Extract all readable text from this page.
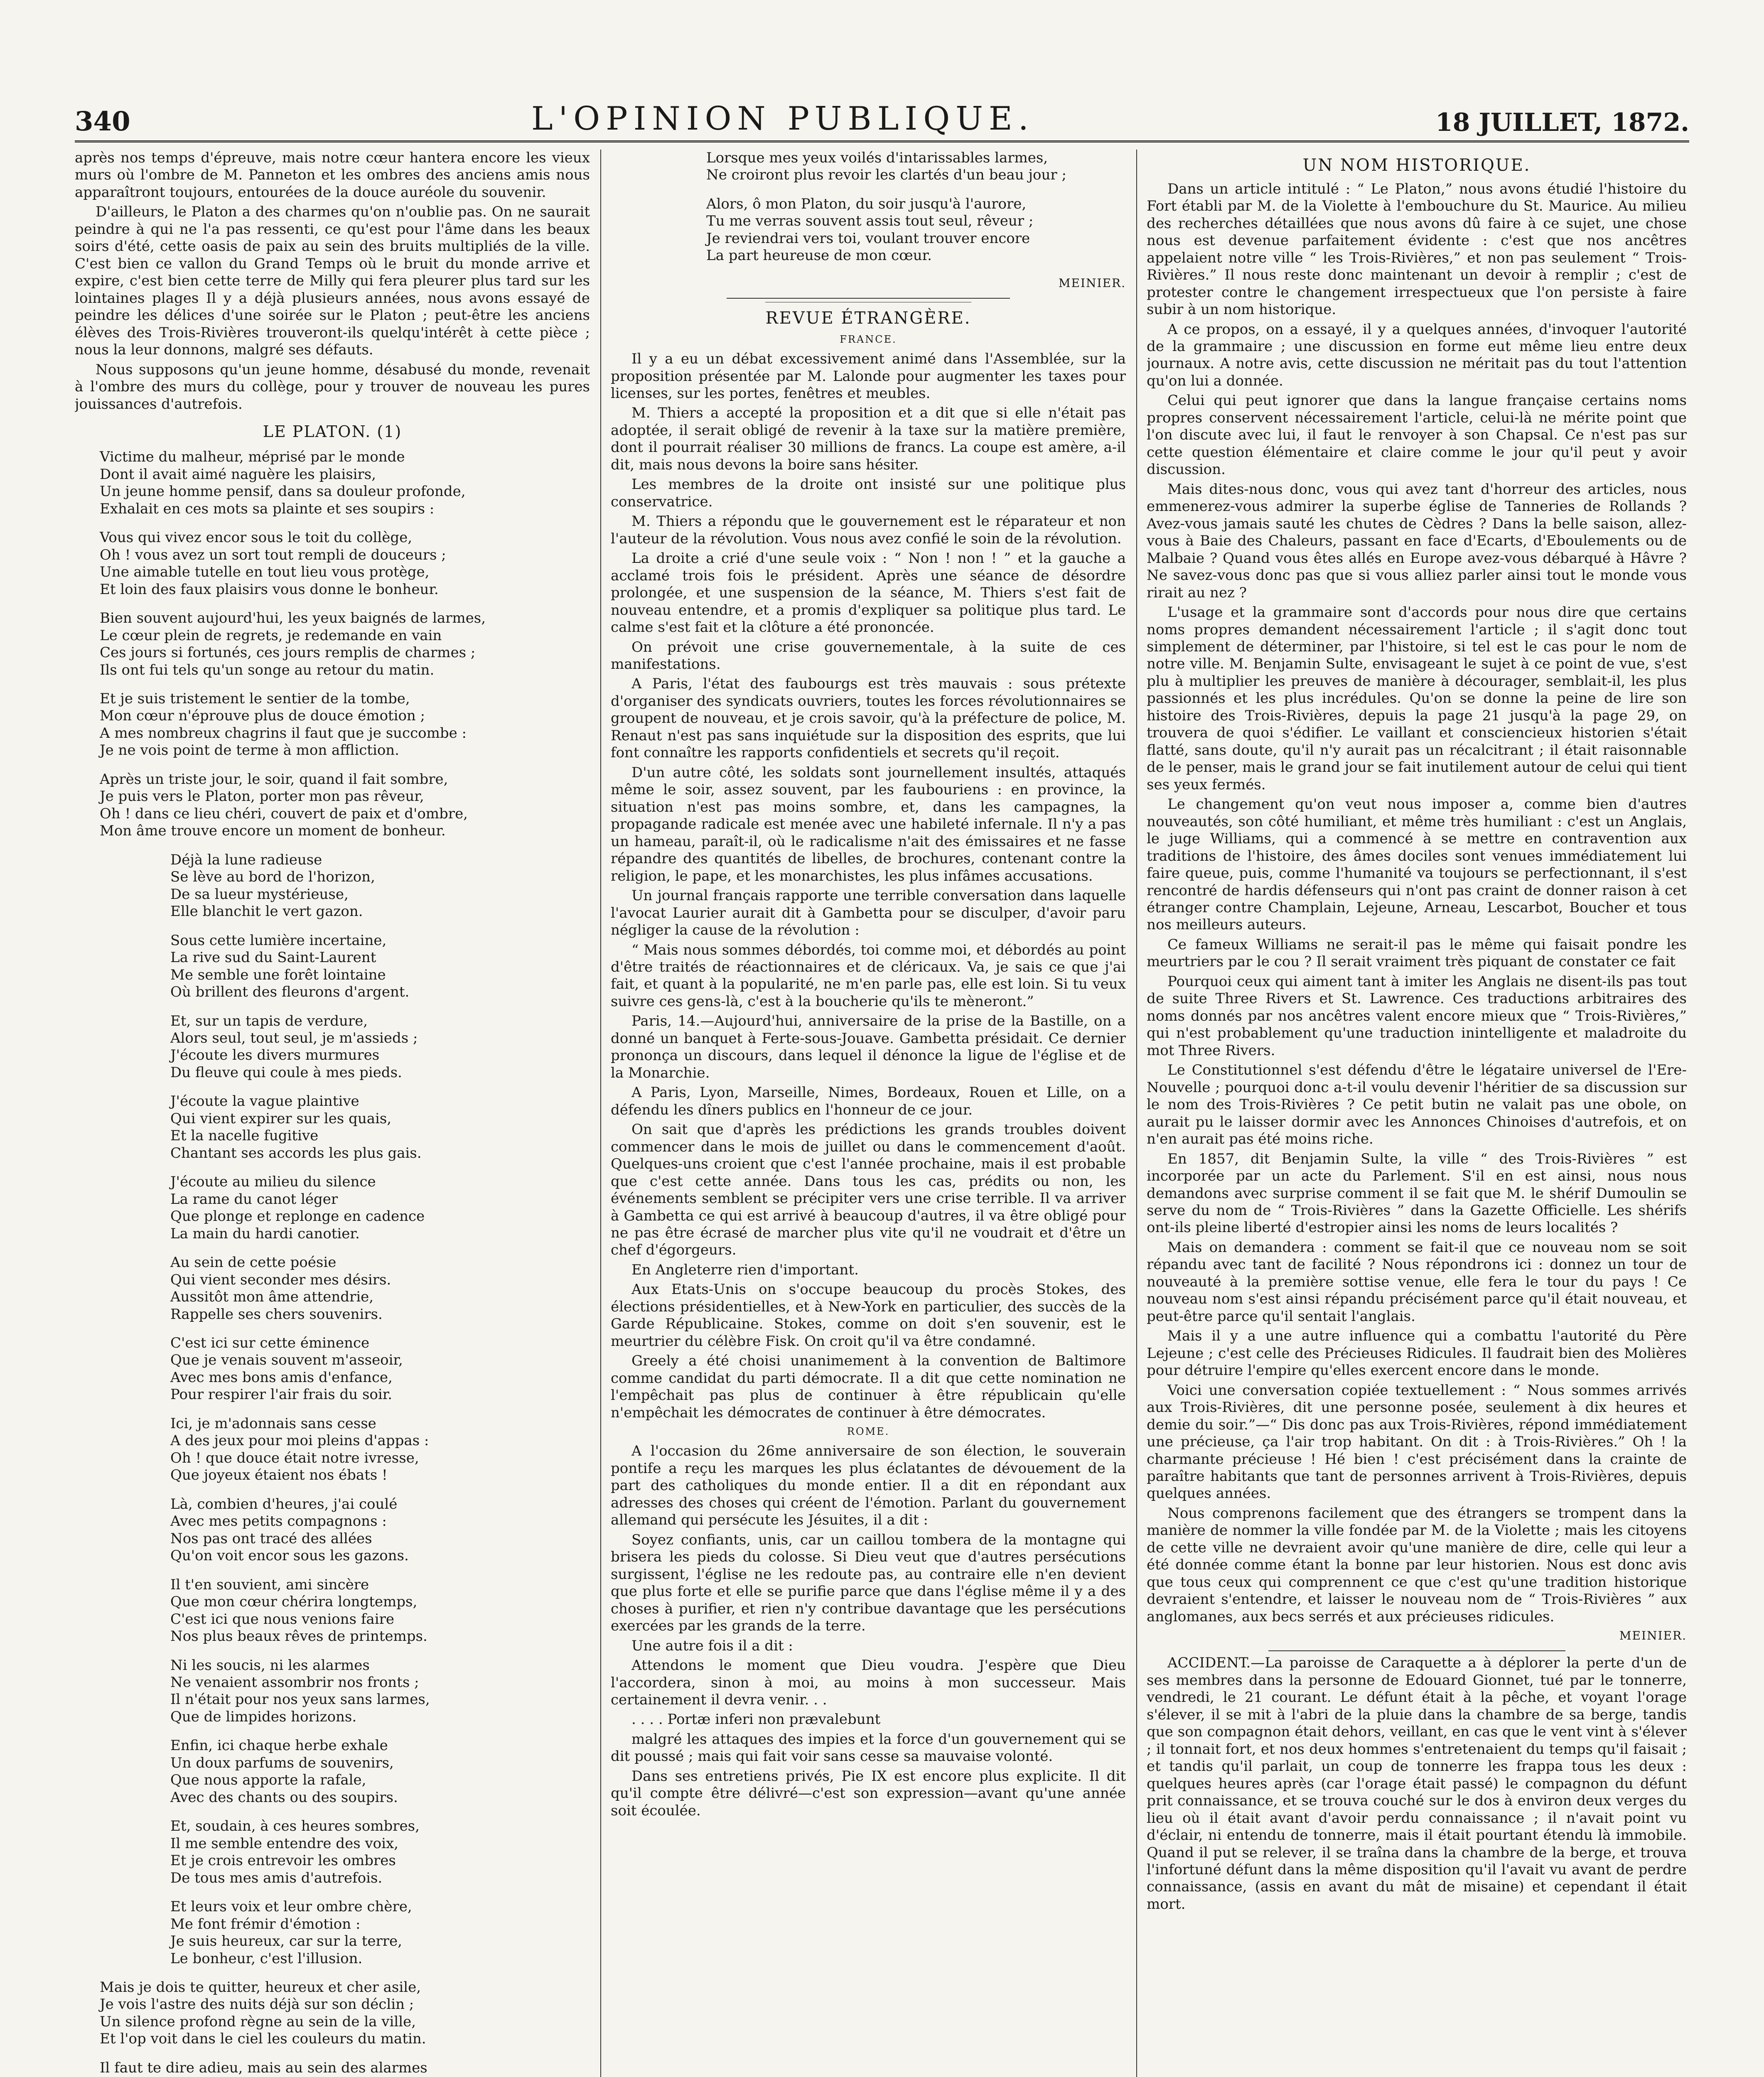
340	L'OPINION PUBLIQUE.	18 JUILLET, 1872.

après nos temps d'épreuve, mais notre cœur hantera encore les vieux murs où l'ombre de M. Panneton et les ombres des anciens amis nous apparaîtront toujours, entourées de la douce auréole du souvenir.

D'ailleurs, le Platon a des charmes qu'on n'oublie pas. On ne saurait peindre à qui ne l'a pas ressenti, ce qu'est pour l'âme dans les beaux soirs d'été, cette oasis de paix au sein des bruits multipliés de la ville. C'est bien ce vallon du Grand Temps où le bruit du monde arrive et expire, c'est bien cette terre de Milly qui fera pleurer plus tard sur les lointaines plages Il y a déjà plusieurs années, nous avons essayé de peindre les délices d'une soirée sur le Platon ; peut-être les anciens élèves des Trois-Rivières trouveront-ils quelqu'intérêt à cette pièce ; nous la leur donnons, malgré ses défauts.

Nous supposons qu'un jeune homme, désabusé du monde, revenait à l'ombre des murs du collège, pour y trouver de nouveau les pures jouissances d'autrefois.

LE PLATON. (1)
Victime du malheur, méprisé par le monde
Dont il avait aimé naguère les plaisirs,
Un jeune homme pensif, dans sa douleur profonde,
Exhalait en ces mots sa plainte et ses soupirs :
Vous qui vivez encor sous le toit du collège,
Oh ! vous avez un sort tout rempli de douceurs ;
Une aimable tutelle en tout lieu vous protège,
Et loin des faux plaisirs vous donne le bonheur.
Bien souvent aujourd'hui, les yeux baignés de larmes,
Le cœur plein de regrets, je redemande en vain
Ces jours si fortunés, ces jours remplis de charmes ;
Ils ont fui tels qu'un songe au retour du matin.
Et je suis tristement le sentier de la tombe,
Mon cœur n'éprouve plus de douce émotion ;
A mes nombreux chagrins il faut que je succombe :
Je ne vois point de terme à mon affliction.
Après un triste jour, le soir, quand il fait sombre,
Je puis vers le Platon, porter mon pas rêveur,
Oh ! dans ce lieu chéri, couvert de paix et d'ombre,
Mon âme trouve encore un moment de bonheur.
Déjà la lune radieuse
Se lève au bord de l'horizon,
De sa lueur mystérieuse,
Elle blanchit le vert gazon.
Sous cette lumière incertaine,
La rive sud du Saint-Laurent
Me semble une forêt lointaine
Où brillent des fleurons d'argent.
Et, sur un tapis de verdure,
Alors seul, tout seul, je m'assieds ;
J'écoute les divers murmures
Du fleuve qui coule à mes pieds.
J'écoute la vague plaintive
Qui vient expirer sur les quais,
Et la nacelle fugitive
Chantant ses accords les plus gais.
J'écoute au milieu du silence
La rame du canot léger
Que plonge et replonge en cadence
La main du hardi canotier.
Au sein de cette poésie
Qui vient seconder mes désirs.
Aussitôt mon âme attendrie,
Rappelle ses chers souvenirs.
C'est ici sur cette éminence
Que je venais souvent m'asseoir,
Avec mes bons amis d'enfance,
Pour respirer l'air frais du soir.
Ici, je m'adonnais sans cesse
A des jeux pour moi pleins d'appas :
Oh ! que douce était notre ivresse,
Que joyeux étaient nos ébats !
Là, combien d'heures, j'ai coulé
Avec mes petits compagnons :
Nos pas ont tracé des allées
Qu'on voit encor sous les gazons.
Il t'en souvient, ami sincère
Que mon cœur chérira longtemps,
C'est ici que nous venions faire
Nos plus beaux rêves de printemps.
Ni les soucis, ni les alarmes
Ne venaient assombrir nos fronts ;
Il n'était pour nos yeux sans larmes,
Que de limpides horizons.
Enfin, ici chaque herbe exhale
Un doux parfums de souvenirs,
Que nous apporte la rafale,
Avec des chants ou des soupirs.
Et, soudain, à ces heures sombres,
Il me semble entendre des voix,
Et je crois entrevoir les ombres
De tous mes amis d'autrefois.
Et leurs voix et leur ombre chère,
Me font frémir d'émotion :
Je suis heureux, car sur la terre,
Le bonheur, c'est l'illusion.
Mais je dois te quitter, heureux et cher asile,
Je vois l'astre des nuits déjà sur son déclin ;
Un silence profond règne au sein de la ville,
Et l'op voit dans le ciel les couleurs du matin.
Il faut te dire adieu, mais au sein des alarmes
Lorsque mes yeux voilés d'intarissables larmes,
Ne croiront plus revoir les clartés d'un beau jour ;
Alors, ô mon Platon, du soir jusqu'à l'aurore,
Tu me verras souvent assis tout seul, rêveur ;
Je reviendrai vers toi, voulant trouver encore
La part heureuse de mon cœur.
MEINIER.
REVUE ÉTRANGÈRE.
FRANCE.

Il y a eu un débat excessivement animé dans l'Assemblée, sur la proposition présentée par M. Lalonde pour augmenter les taxes pour licenses, sur les portes, fenêtres et meubles.

M. Thiers a accepté la proposition et a dit que si elle n'était pas adoptée, il serait obligé de revenir à la taxe sur la matière première, dont il pourrait réaliser 30 millions de francs. La coupe est amère, a-il dit, mais nous devons la boire sans hésiter.

Les membres de la droite ont insisté sur une politique plus conservatrice.

M. Thiers a répondu que le gouvernement est le réparateur et non l'auteur de la révolution. Vous nous avez confié le soin de la révolution.

La droite a crié d'une seule voix : “ Non ! non ! ” et la gauche a acclamé trois fois le président. Après une séance de désordre prolongée, et une suspension de la séance, M. Thiers s'est fait de nouveau entendre, et a promis d'expliquer sa politique plus tard. Le calme s'est fait et la clôture a été prononcée.

On prévoit une crise gouvernementale, à la suite de ces manifestations.

A Paris, l'état des faubourgs est très mauvais : sous prétexte d'organiser des syndicats ouvriers, toutes les forces révolutionnaires se groupent de nouveau, et je crois savoir, qu'à la préfecture de police, M. Renaut n'est pas sans inquiétude sur la disposition des esprits, que lui font connaître les rapports confidentiels et secrets qu'il reçoit.

D'un autre côté, les soldats sont journellement insultés, attaqués même le soir, assez souvent, par les faubouriens : en province, la situation n'est pas moins sombre, et, dans les campagnes, la propagande radicale est menée avec une habileté infernale. Il n'y a pas un hameau, paraît-il, où le radicalisme n'ait des émissaires et ne fasse répandre des quantités de libelles, de brochures, contenant contre la religion, le pape, et les monarchistes, les plus infâmes accusations.

Un journal français rapporte une terrible conversation dans laquelle l'avocat Laurier aurait dit à Gambetta pour se disculper, d'avoir paru négliger la cause de la révolution :

“ Mais nous sommes débordés, toi comme moi, et débordés au point d'être traités de réactionnaires et de cléricaux. Va, je sais ce que j'ai fait, et quant à la popularité, ne m'en parle pas, elle est loin. Si tu veux suivre ces gens-là, c'est à la boucherie qu'ils te mèneront.”

Paris, 14.—Aujourd'hui, anniversaire de la prise de la Bastille, on a donné un banquet à Ferte-sous-Jouave. Gambetta présidait. Ce dernier prononça un discours, dans lequel il dénonce la ligue de l'église et de la Monarchie.

A Paris, Lyon, Marseille, Nimes, Bordeaux, Rouen et Lille, on a défendu les dîners publics en l'honneur de ce jour.

On sait que d'après les prédictions les grands troubles doivent commencer dans le mois de juillet ou dans le commencement d'août. Quelques-uns croient que c'est l'année prochaine, mais il est probable que c'est cette année. Dans tous les cas, prédits ou non, les événements semblent se précipiter vers une crise terrible. Il va arriver à Gambetta ce qui est arrivé à beaucoup d'autres, il va être obligé pour ne pas être écrasé de marcher plus vite qu'il ne voudrait et d'être un chef d'égorgeurs.

En Angleterre rien d'important.

Aux Etats-Unis on s'occupe beaucoup du procès Stokes, des élections présidentielles, et à New-York en particulier, des succès de la Garde Républicaine. Stokes, comme on doit s'en souvenir, est le meurtrier du célèbre Fisk. On croit qu'il va être condamné.

Greely a été choisi unanimement à la convention de Baltimore comme candidat du parti démocrate. Il a dit que cette nomination ne l'empêchait pas plus de continuer à être républicain qu'elle n'empêchait les démocrates de continuer à être démocrates.

ROME.

A l'occasion du 26me anniversaire de son élection, le souverain pontife a reçu les marques les plus éclatantes de dévouement de la part des catholiques du monde entier. Il a dit en répondant aux adresses des choses qui créent de l'émotion. Parlant du gouvernement allemand qui persécute les Jésuites, il a dit :

Soyez confiants, unis, car un caillou tombera de la montagne qui brisera les pieds du colosse. Si Dieu veut que d'autres persécutions surgissent, l'église ne les redoute pas, au contraire elle n'en devient que plus forte et elle se purifie parce que dans l'église même il y a des choses à purifier, et rien n'y contribue davantage que les persécutions exercées par les grands de la terre.

Une autre fois il a dit :

Attendons le moment que Dieu voudra. J'espère que Dieu l'accordera, sinon à moi, au moins à mon successeur. Mais certainement il devra venir. . .

. . . . Portæ inferi non prævalebunt

malgré les attaques des impies et la force d'un gouvernement qui se dit poussé ; mais qui fait voir sans cesse sa mauvaise volonté.

Dans ses entretiens privés, Pie IX est encore plus explicite. Il dit qu'il compte être délivré—c'est son expression—avant qu'une année soit écoulée.

UN NOM HISTORIQUE.

Dans un article intitulé : “ Le Platon,” nous avons étudié l'histoire du Fort établi par M. de la Violette à l'embouchure du St. Maurice. Au milieu des recherches détaillées que nous avons dû faire à ce sujet, une chose nous est devenue parfaitement évidente : c'est que nos ancêtres appelaient notre ville “ les Trois-Rivières,” et non pas seulement “ Trois-Rivières.” Il nous reste donc maintenant un devoir à remplir ; c'est de protester contre le changement irrespectueux que l'on persiste à faire subir à un nom historique.

A ce propos, on a essayé, il y a quelques années, d'invoquer l'autorité de la grammaire ; une discussion en forme eut même lieu entre deux journaux. A notre avis, cette discussion ne méritait pas du tout l'attention qu'on lui a donnée.

Celui qui peut ignorer que dans la langue française certains noms propres conservent nécessairement l'article, celui-là ne mérite point que l'on discute avec lui, il faut le renvoyer à son Chapsal. Ce n'est pas sur cette question élémentaire et claire comme le jour qu'il peut y avoir discussion.

Mais dites-nous donc, vous qui avez tant d'horreur des articles, nous emmenerez-vous admirer la superbe église de Tanneries de Rollands ? Avez-vous jamais sauté les chutes de Cèdres ? Dans la belle saison, allez-vous à Baie des Chaleurs, passant en face d'Ecarts, d'Eboulements ou de Malbaie ? Quand vous êtes allés en Europe avez-vous débarqué à Hâvre ? Ne savez-vous donc pas que si vous alliez parler ainsi tout le monde vous rirait au nez ?

L'usage et la grammaire sont d'accords pour nous dire que certains noms propres demandent nécessairement l'article ; il s'agit donc tout simplement de déterminer, par l'histoire, si tel est le cas pour le nom de notre ville. M. Benjamin Sulte, envisageant le sujet à ce point de vue, s'est plu à multiplier les preuves de manière à décourager, semblait-il, les plus passionnés et les plus incrédules. Qu'on se donne la peine de lire son histoire des Trois-Rivières, depuis la page 21 jusqu'à la page 29, on trouvera de quoi s'édifier. Le vaillant et consciencieux historien s'était flatté, sans doute, qu'il n'y aurait pas un récalcitrant ; il était raisonnable de le penser, mais le grand jour se fait inutilement autour de celui qui tient ses yeux fermés.

Le changement qu'on veut nous imposer a, comme bien d'autres nouveautés, son côté humiliant, et même très humiliant : c'est un Anglais, le juge Williams, qui a commencé à se mettre en contravention aux traditions de l'histoire, des âmes dociles sont venues immédiatement lui faire queue, puis, comme l'humanité va toujours se perfectionnant, il s'est rencontré de hardis défenseurs qui n'ont pas craint de donner raison à cet étranger contre Champlain, Lejeune, Arneau, Lescarbot, Boucher et tous nos meilleurs auteurs.

Ce fameux Williams ne serait-il pas le même qui faisait pondre les meurtriers par le cou ? Il serait vraiment très piquant de constater ce fait

Pourquoi ceux qui aiment tant à imiter les Anglais ne disent-ils pas tout de suite Three Rivers et St. Lawrence. Ces traductions arbitraires des noms donnés par nos ancêtres valent encore mieux que “ Trois-Rivières,” qui n'est probablement qu'une traduction inintelligente et maladroite du mot Three Rivers.

Le Constitutionnel s'est défendu d'être le légataire universel de l'Ere-Nouvelle ; pourquoi donc a-t-il voulu devenir l'héritier de sa discussion sur le nom des Trois-Rivières ? Ce petit butin ne valait pas une obole, on aurait pu le laisser dormir avec les Annonces Chinoises d'autrefois, et on n'en aurait pas été moins riche.

En 1857, dit Benjamin Sulte, la ville “ des Trois-Rivières ” est incorporée par un acte du Parlement. S'il en est ainsi, nous nous demandons avec surprise comment il se fait que M. le shérif Dumoulin se serve du nom de “ Trois-Rivières ” dans la Gazette Officielle. Les shérifs ont-ils pleine liberté d'estropier ainsi les noms de leurs localités ?

Mais on demandera : comment se fait-il que ce nouveau nom se soit répandu avec tant de facilité ? Nous répondrons ici : donnez un tour de nouveauté à la première sottise venue, elle fera le tour du pays ! Ce nouveau nom s'est ainsi répandu précisément parce qu'il était nouveau, et peut-être parce qu'il sentait l'anglais.

Mais il y a une autre influence qui a combattu l'autorité du Père Lejeune ; c'est celle des Précieuses Ridicules. Il faudrait bien des Molières pour détruire l'empire qu'elles exercent encore dans le monde.

Voici une conversation copiée textuellement : “ Nous sommes arrivés aux Trois-Rivières, dit une personne posée, seulement à dix heures et demie du soir.”—“ Dis donc pas aux Trois-Rivières, répond immédiatement une précieuse, ça l'air trop habitant. On dit : à Trois-Rivières.” Oh ! la charmante précieuse ! Hé bien ! c'est précisément dans la crainte de paraître habitants que tant de personnes arrivent à Trois-Rivières, depuis quelques années.

Nous comprenons facilement que des étrangers se trompent dans la manière de nommer la ville fondée par M. de la Violette ; mais les citoyens de cette ville ne devraient avoir qu'une manière de dire, celle qui leur a été donnée comme étant la bonne par leur historien. Nous est donc avis que tous ceux qui comprennent ce que c'est qu'une tradition historique devraient s'entendre, et laisser le nouveau nom de “ Trois-Rivières ” aux anglomanes, aux becs serrés et aux précieuses ridicules.

MEINIER.

ACCIDENT.—La paroisse de Caraquette a à déplorer la perte d'un de ses membres dans la personne de Edouard Gionnet, tué par le tonnerre, vendredi, le 21 courant. Le défunt était à la pêche, et voyant l'orage s'élever, il se mit à l'abri de la pluie dans la chambre de sa berge, tandis que son compagnon était dehors, veillant, en cas que le vent vint à s'élever ; il tonnait fort, et nos deux hommes s'entretenaient du temps qu'il faisait ; et tandis qu'il parlait, un coup de tonnerre les frappa tous les deux : quelques heures après (car l'orage était passé) le compagnon du défunt prit connaissance, et se trouva couché sur le dos à environ deux verges du lieu où il était avant d'avoir perdu connaissance ; il n'avait point vu d'éclair, ni entendu de tonnerre, mais il était pourtant étendu là immobile. Quand il put se relever, il se traîna dans la chambre de la berge, et trouva l'infortuné défunt dans la même disposition qu'il l'avait vu avant de perdre connaissance, (assis en avant du mât de misaine) et cependant il était mort.
